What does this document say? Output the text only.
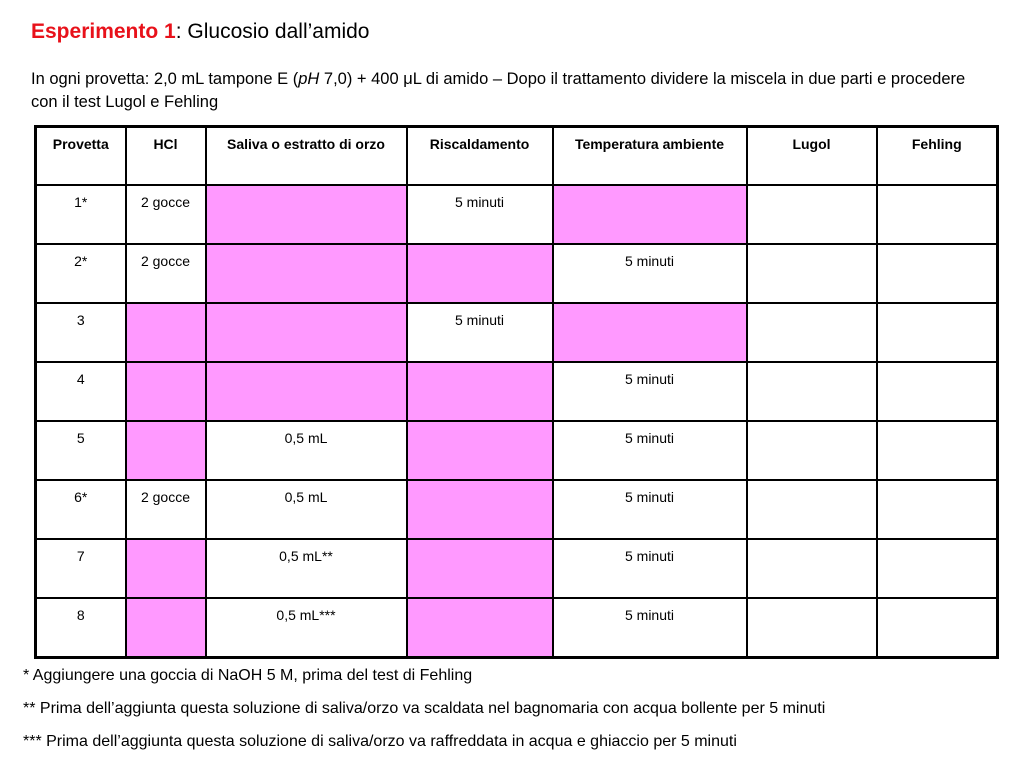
Esperimento 1: Glucosio dall’amido
In ogni provetta: 2,0 mL tampone E (pH 7,0) + 400 μL di amido – Dopo il trattamento dividere la miscela in due parti e procedere con il test Lugol e Fehling
Provetta	HCl	Saliva o estratto di orzo	Riscaldamento	Temperatura ambiente	Lugol	Fehling
1*	2 gocce		5 minuti			
2*	2 gocce			5 minuti		
3			5 minuti			
4				5 minuti		
5		0,5 mL		5 minuti		
6*	2 gocce	0,5 mL		5 minuti		
7		0,5 mL**		5 minuti		
8		0,5 mL***		5 minuti		
* Aggiungere una goccia di NaOH 5 M, prima del test di Fehling
** Prima dell’aggiunta questa soluzione di saliva/orzo va scaldata nel bagnomaria con acqua bollente per 5 minuti
*** Prima dell’aggiunta questa soluzione di saliva/orzo va raffreddata in acqua e ghiaccio per 5 minuti
